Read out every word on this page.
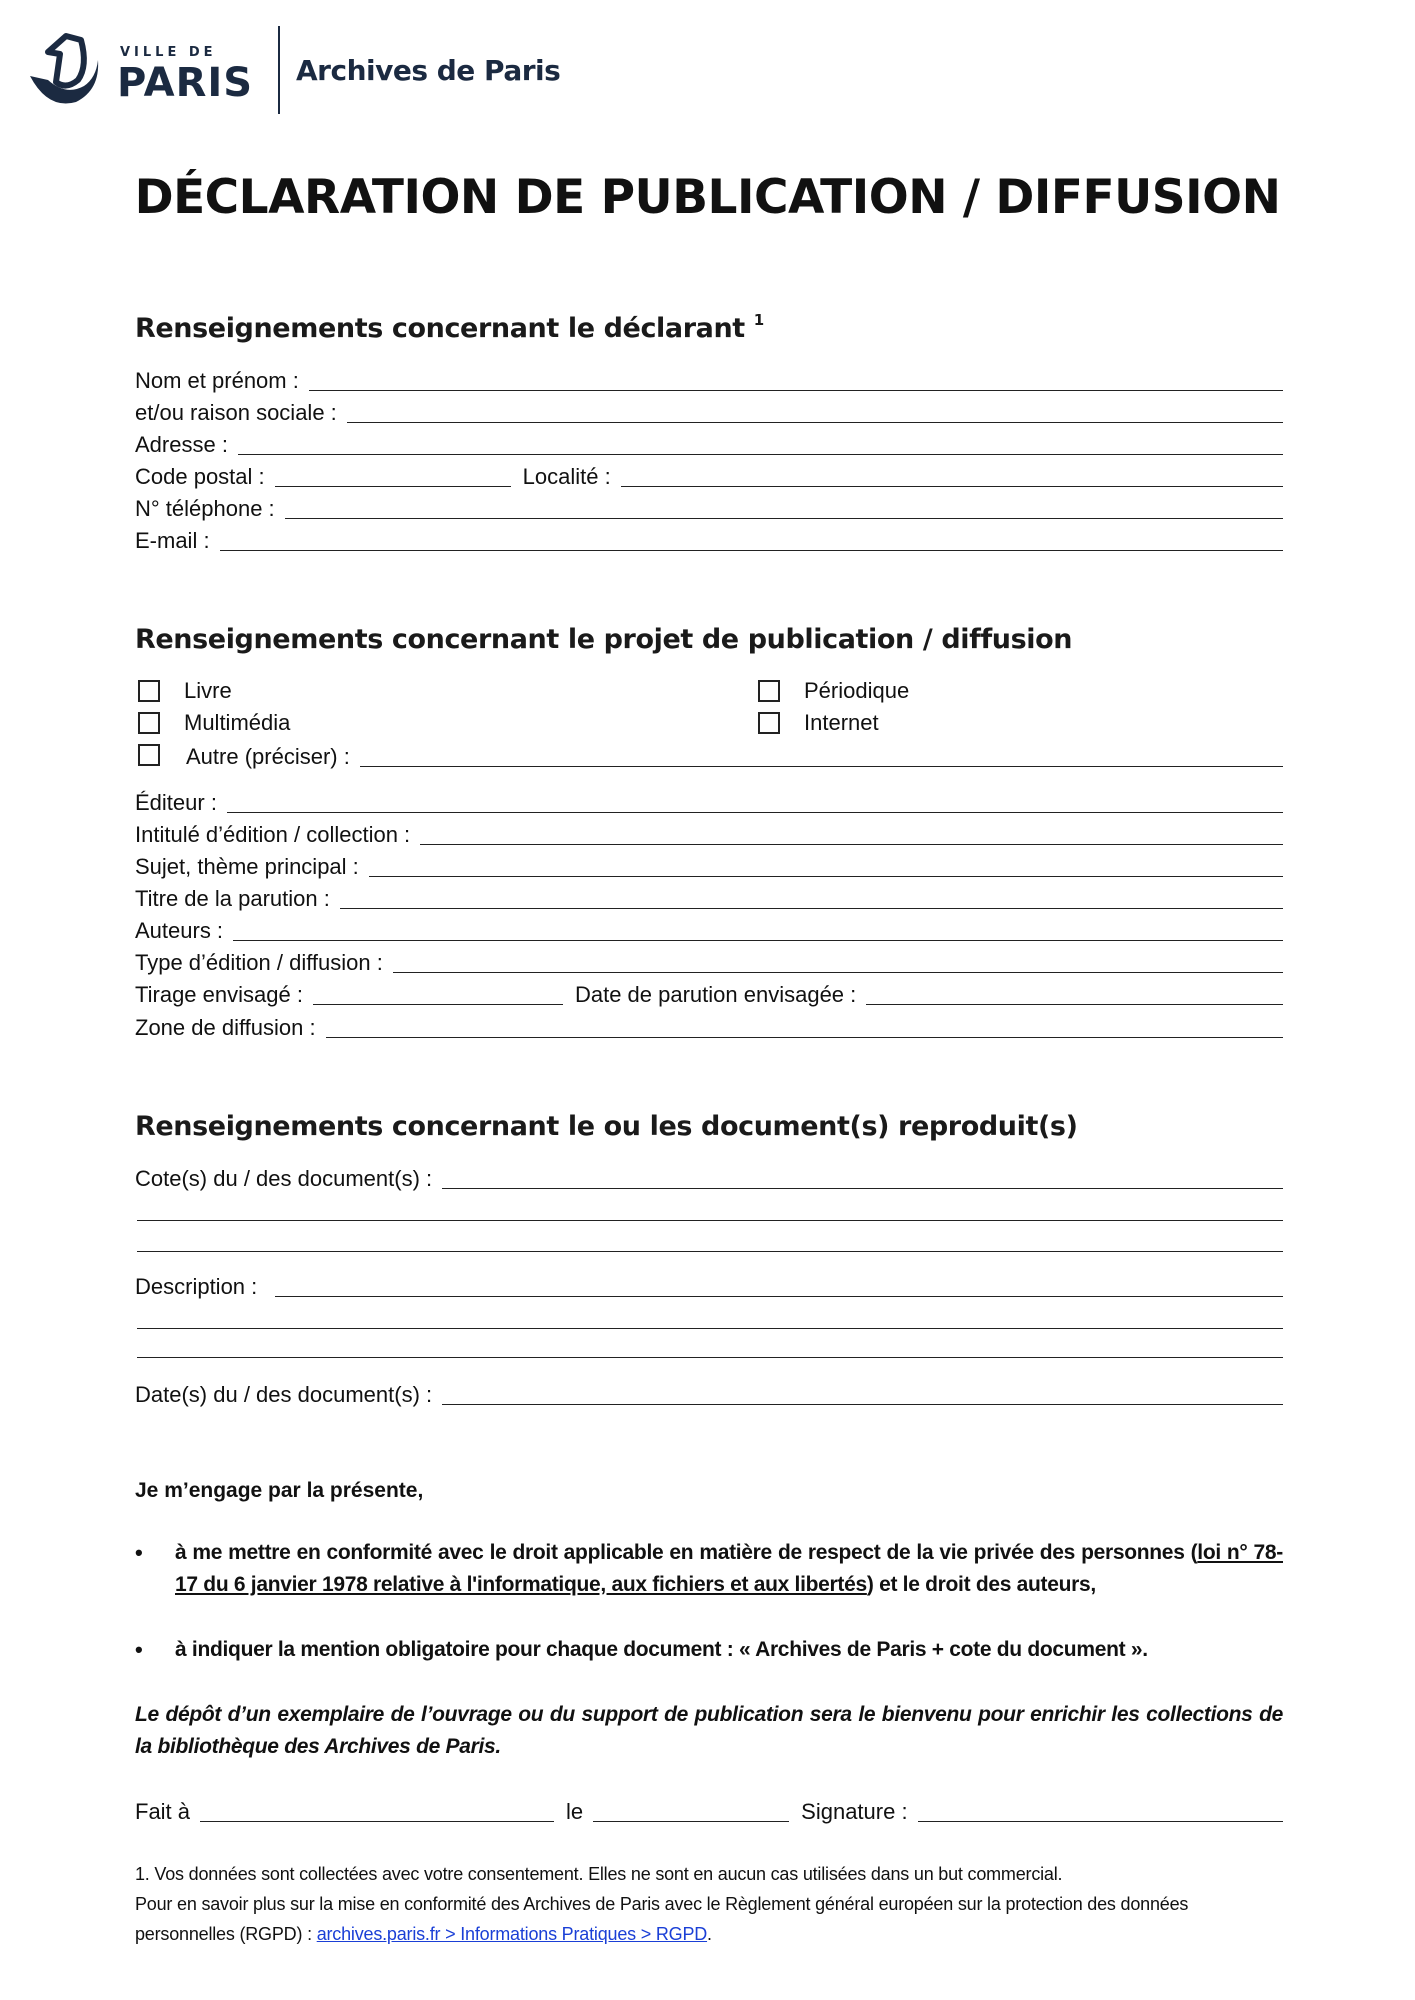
VILLE DE
PARIS Archives de Paris
DÉCLARATION DE PUBLICATION / DIFFUSION
Renseignements concernant le déclarant $^1$
Nom et prénom :
et/ou raison sociale :
Adresse :
Code postal :	Localité :
N° téléphone :
E-mail :
Renseignements concernant le projet de publication / diffusion
Livre	Périodique
Multimédia	Internet
Autre (préciser) :
Éditeur :
Intitulé d’édition / collection :
Sujet, thème principal :
Titre de la parution :
Auteurs :
Type d’édition / diffusion :
Tirage envisagé :	Date de parution envisagée :
Zone de diffusion :
Renseignements concernant le ou les document(s) reproduit(s)
Cote(s) du / des document(s) :
Description :
Date(s) du / des document(s) :
Je m’engage par la présente,
•	à me mettre en conformité avec le droit applicable en matière de respect de la vie privée des personnes (loi n° 78-17 du 6 janvier 1978 relative à l'informatique, aux fichiers et aux libertés) et le droit des auteurs,
•	à indiquer la mention obligatoire pour chaque document : « Archives de Paris + cote du document ».
Le dépôt d’un exemplaire de l’ouvrage ou du support de publication sera le bienvenu pour enrichir les collections de la bibliothèque des Archives de Paris.
Fait à	le	Signature :
1. Vos données sont collectées avec votre consentement. Elles ne sont en aucun cas utilisées dans un but commercial.
Pour en savoir plus sur la mise en conformité des Archives de Paris avec le Règlement général européen sur la protection des données personnelles (RGPD) : archives.paris.fr > Informations Pratiques > RGPD.
